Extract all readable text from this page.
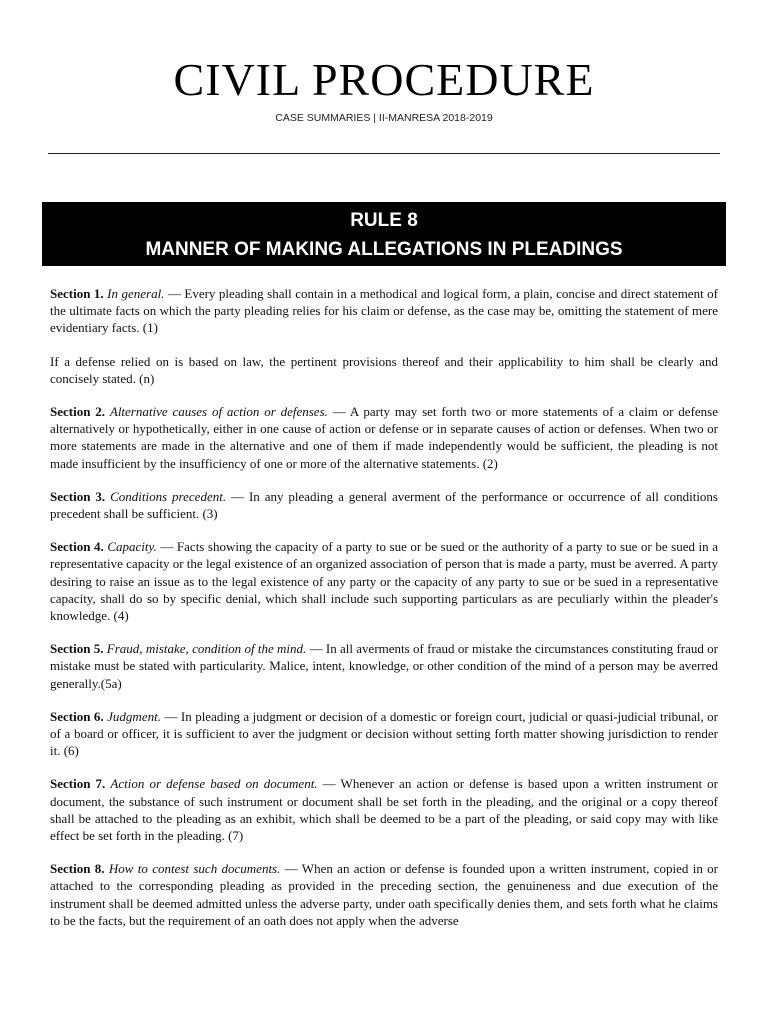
CIVIL PROCEDURE
CASE SUMMARIES | II-MANRESA 2018-2019
RULE 8
MANNER OF MAKING ALLEGATIONS IN PLEADINGS

Section 1. In general. — Every pleading shall contain in a methodical and logical form, a plain, concise and direct statement of the ultimate facts on which the party pleading relies for his claim or defense, as the case may be, omitting the statement of mere evidentiary facts. (1)

If a defense relied on is based on law, the pertinent provisions thereof and their applicability to him shall be clearly and concisely stated. (n)

Section 2. Alternative causes of action or defenses. — A party may set forth two or more statements of a claim or defense alternatively or hypothetically, either in one cause of action or defense or in separate causes of action or defenses. When two or more statements are made in the alternative and one of them if made independently would be sufficient, the pleading is not made insufficient by the insufficiency of one or more of the alternative statements. (2)

Section 3. Conditions precedent. — In any pleading a general averment of the performance or occurrence of all conditions precedent shall be sufficient. (3)

Section 4. Capacity. — Facts showing the capacity of a party to sue or be sued or the authority of a party to sue or be sued in a representative capacity or the legal existence of an organized association of person that is made a party, must be averred. A party desiring to raise an issue as to the legal existence of any party or the capacity of any party to sue or be sued in a representative capacity, shall do so by specific denial, which shall include such supporting particulars as are peculiarly within the pleader's knowledge. (4)

Section 5. Fraud, mistake, condition of the mind. — In all averments of fraud or mistake the circumstances constituting fraud or mistake must be stated with particularity. Malice, intent, knowledge, or other condition of the mind of a person may be averred generally.(5a)

Section 6. Judgment. — In pleading a judgment or decision of a domestic or foreign court, judicial or quasi-judicial tribunal, or of a board or officer, it is sufficient to aver the judgment or decision without setting forth matter showing jurisdiction to render it. (6)

Section 7. Action or defense based on document. — Whenever an action or defense is based upon a written instrument or document, the substance of such instrument or document shall be set forth in the pleading, and the original or a copy thereof shall be attached to the pleading as an exhibit, which shall be deemed to be a part of the pleading, or said copy may with like effect be set forth in the pleading. (7)

Section 8. How to contest such documents. — When an action or defense is founded upon a written instrument, copied in or attached to the corresponding pleading as provided in the preceding section, the genuineness and due execution of the instrument shall be deemed admitted unless the adverse party, under oath specifically denies them, and sets forth what he claims to be the facts, but the requirement of an oath does not apply when the adverse
